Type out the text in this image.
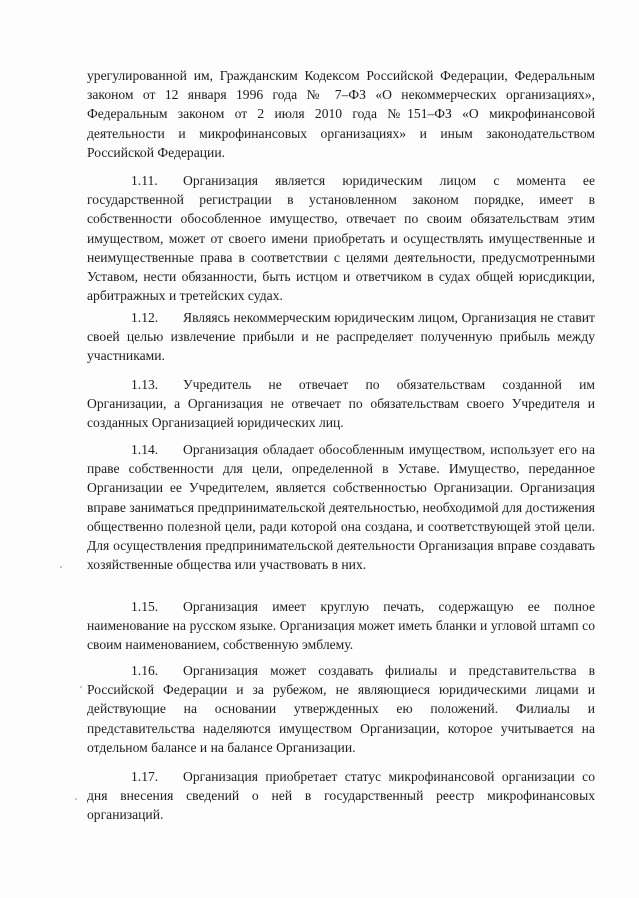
урегулированной им, Гражданским Кодексом Российской Федерации, Федеральным законом от 12 января 1996 года № 7–ФЗ «О некоммерческих организациях», Федеральным законом от 2 июля 2010 года №151–ФЗ «О микрофинансовой деятельности и микрофинансовых организациях» и иным законодательством Российской Федерации.

1.11. Организация является юридическим лицом с момента ее государственной регистрации в установленном законом порядке, имеет в собственности обособленное имущество, отвечает по своим обязательствам этим имуществом, может от своего имени приобретать и осуществлять имущественные и неимущественные права в соответствии с целями деятельности, предусмотренными Уставом, нести обязанности, быть истцом и ответчиком в судах общей юрисдикции, арбитражных и третейских судах.

1.12. Являясь некоммерческим юридическим лицом, Организация не ставит своей целью извлечение прибыли и не распределяет полученную прибыль между участниками.

1.13. Учредитель не отвечает по обязательствам созданной им Организации, а Организация не отвечает по обязательствам своего Учредителя и созданных Организацией юридических лиц.

1.14. Организация обладает обособленным имуществом, использует его на праве собственности для цели, определенной в Уставе. Имущество, переданное Организации ее Учредителем, является собственностью Организации. Организация вправе заниматься предпринимательской деятельностью, необходимой для достижения общественно полезной цели, ради которой она создана, и соответствующей этой цели. Для осуществления предпринимательской деятельности Организация вправе создавать хозяйственные общества или участвовать в них.

1.15. Организация имеет круглую печать, содержащую ее полное наименование на русском языке. Организация может иметь бланки и угловой штамп со своим наименованием, собственную эмблему.

1.16. Организация может создавать филиалы и представительства в Российской Федерации и за рубежом, не являющиеся юридическими лицами и действующие на основании утвержденных ею положений. Филиалы и представительства наделяются имуществом Организации, которое учитывается на отдельном балансе и на балансе Организации.

1.17. Организация приобретает статус микрофинансовой организации со дня внесения сведений о ней в государственный реестр микрофинансовых организаций.
